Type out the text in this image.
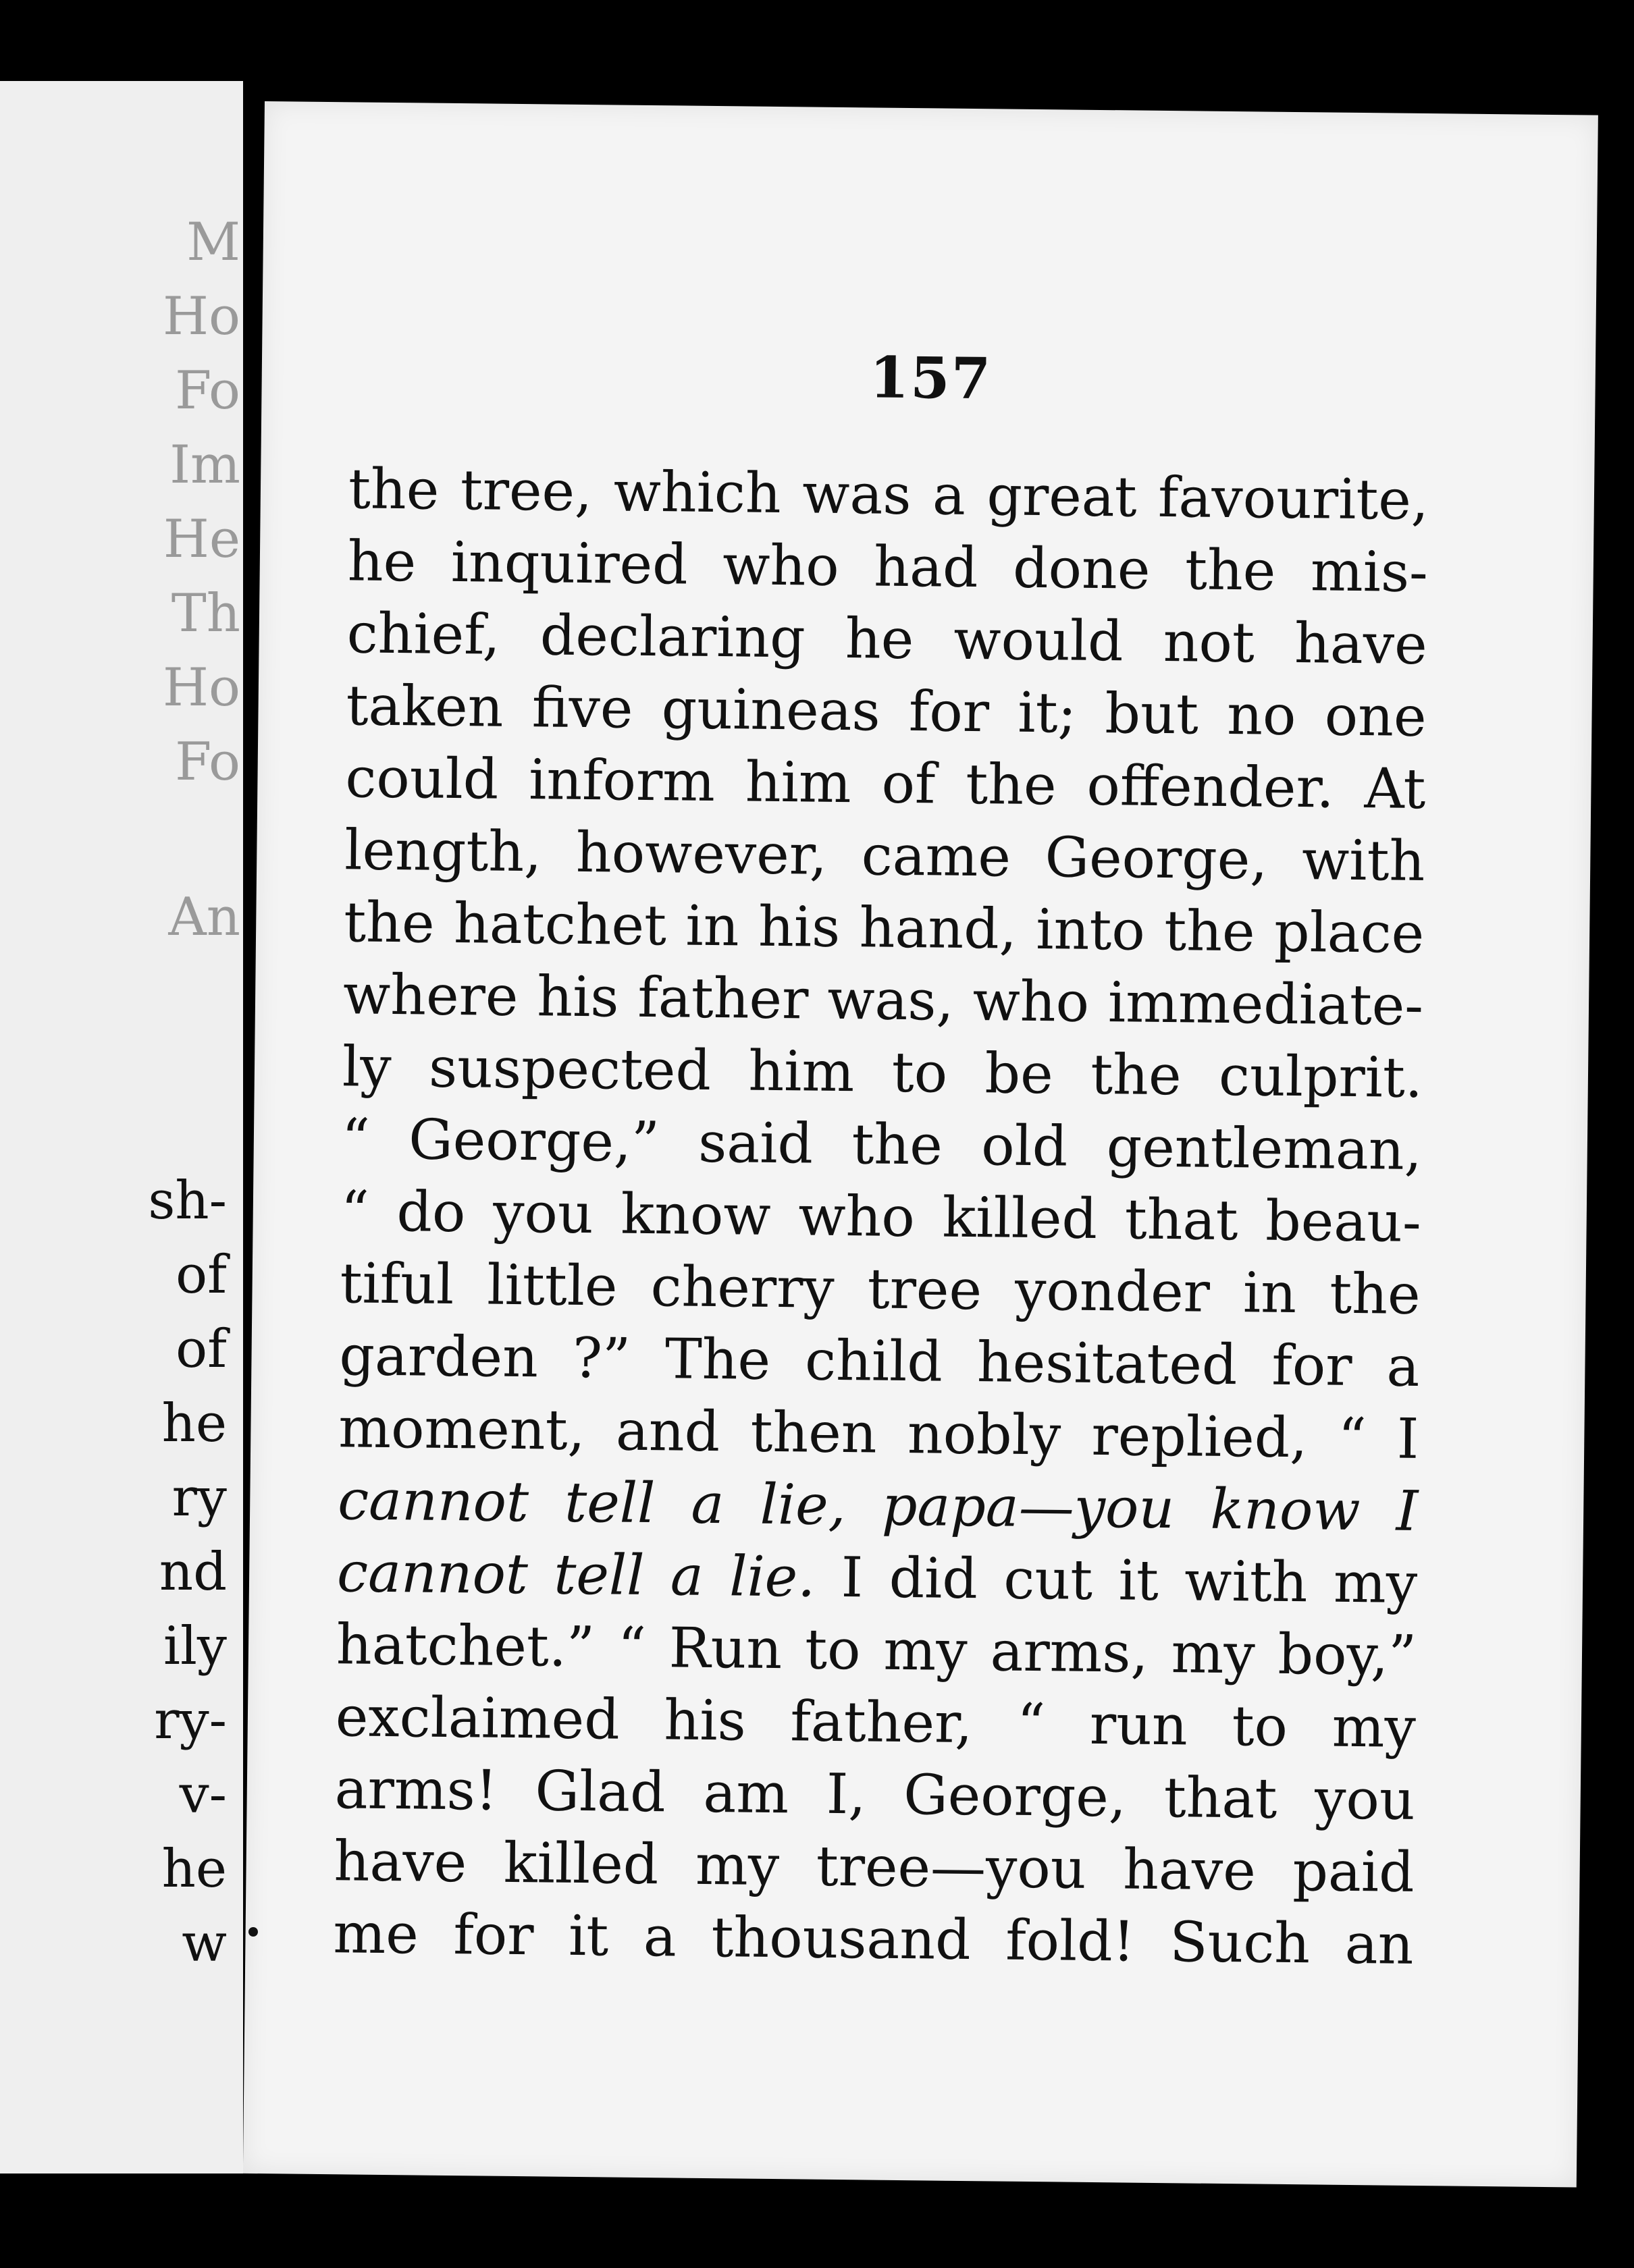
M
Ho
Fo
Im
He
Th
Ho
Fo
An
sh-
of
of
he
ry
nd
ily
ry-
v-
he
w
157
the tree, which was a great favourite,
he inquired who had done the mis-
chief, declaring he would not have
taken five guineas for it; but no one
could inform him of the offender. At
length, however, came George, with
the hatchet in his hand, into the place
where his father was, who immediate-
ly suspected him to be the culprit.
“ George,” said the old gentleman,
“ do you know who killed that beau-
tiful little cherry tree yonder in the
garden ?” The child hesitated for a
moment, and then nobly replied, “ I
cannot tell a lie, papa—you know I
cannot tell a lie. I did cut it with my
hatchet.” “ Run to my arms, my boy,”
exclaimed his father, “ run to my
arms! Glad am I, George, that you
have killed my tree—you have paid
me for it a thousand fold! Such an
